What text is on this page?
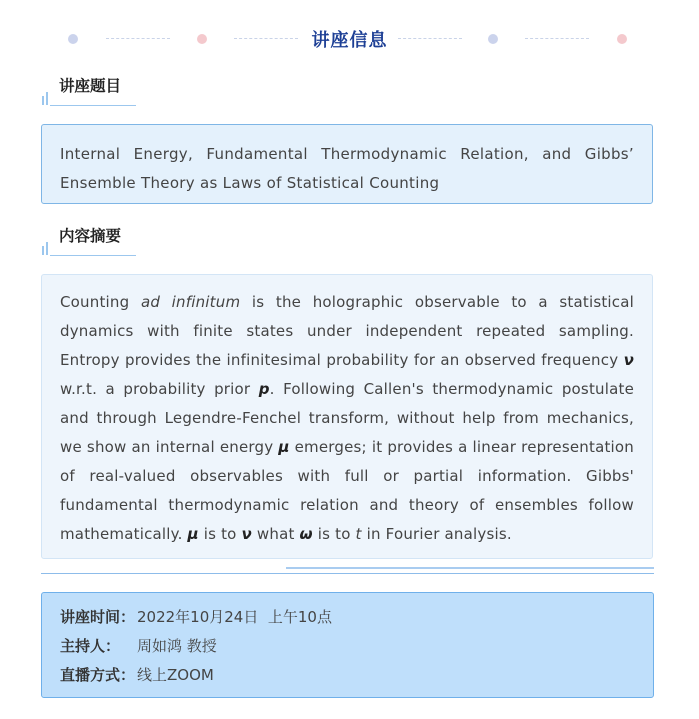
讲座信息
讲座题目
Internal Energy, Fundamental Thermodynamic Relation, and Gibbs’ Ensemble Theory as Laws of Statistical Counting
内容摘要
Counting ad infinitum is the holographic observable to a statistical dynamics with finite states under independent repeated sampling. Entropy provides the infinitesimal probability for an observed frequency ν w.r.t. a probability prior p. Following Callen's thermodynamic postulate and through Legendre-Fenchel transform, without help from mechanics, we show an internal energy μ emerges; it provides a linear representation of real-valued observables with full or partial information. Gibbs' fundamental thermodynamic relation and theory of ensembles follow mathematically. μ is to ν what ω is to t in Fourier analysis.
讲座时间： 2022年10月24日  上午10点
主持人：	周如鸿 教授
直播方式： 线上ZOOM
